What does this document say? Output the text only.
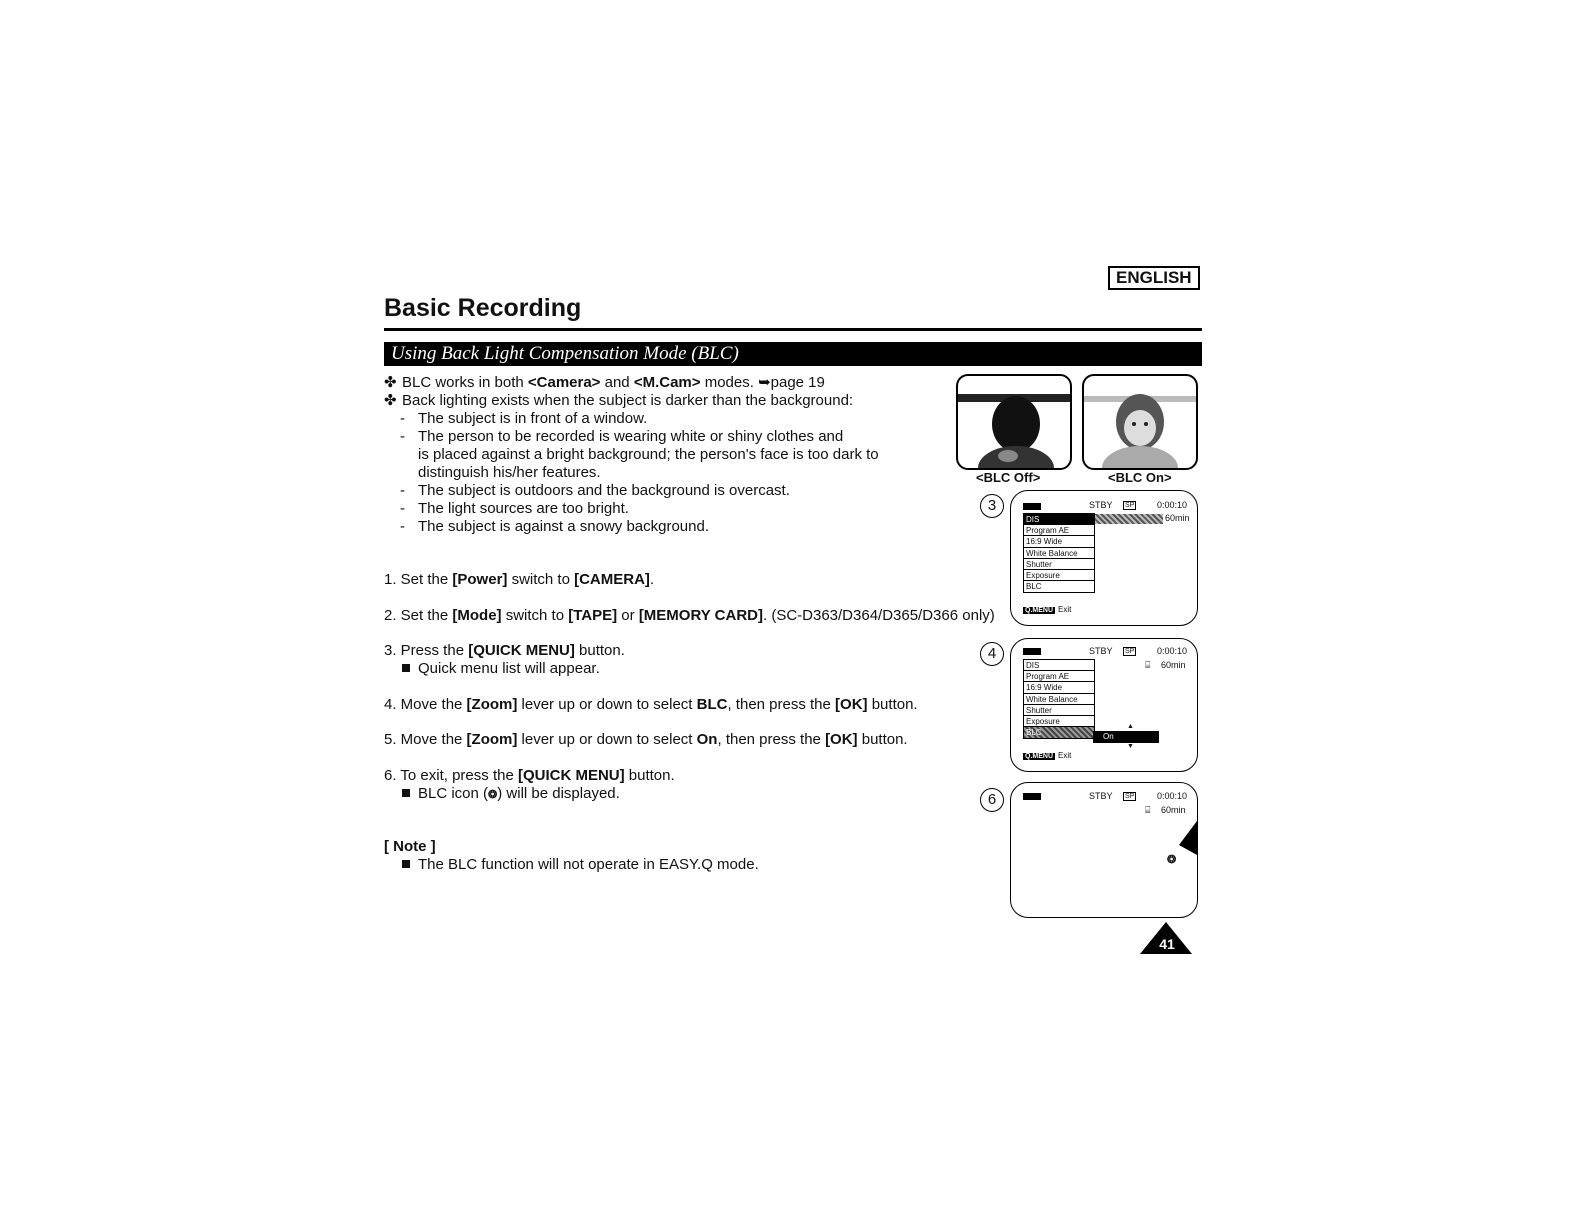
ENGLISH
Basic Recording
Using Back Light Compensation Mode (BLC)
✤ BLC works in both <Camera> and <M.Cam> modes. ➥page 19
✤ Back lighting exists when the subject is darker than the background:
- The subject is in front of a window.
- The person to be recorded is wearing white or shiny clothes and
is placed against a bright background; the person's face is too dark to
distinguish his/her features.
- The subject is outdoors and the background is overcast.
- The light sources are too bright.
- The subject is against a snowy background.
1. Set the [Power] switch to [CAMERA].
2. Set the [Mode] switch to [TAPE] or [MEMORY CARD]. (SC-D363/D364/D365/D366 only)
3. Press the [QUICK MENU] button.
Quick menu list will appear.
4. Move the [Zoom] lever up or down to select BLC, then press the [OK] button.
5. Move the [Zoom] lever up or down to select On, then press the [OK] button.
6. To exit, press the [QUICK MENU] button.
BLC icon (❂) will be displayed.
[ Note ]
The BLC function will not operate in EASY.Q mode.
<BLC Off>	<BLC On>
3
4
6
STBY SP	0:00:10
60min
DIS
Program AE
16:9 Wide
White Balance
Shutter
Exposure
BLC
Q.MENU Exit
STBY SP	0:00:10
⌸ 60min
DIS
Program AE
16:9 Wide
White Balance
Shutter
Exposure
BLC
▲
On
▼
Q.MENU Exit
STBY SP	0:00:10
⌸ 60min
❂
41
